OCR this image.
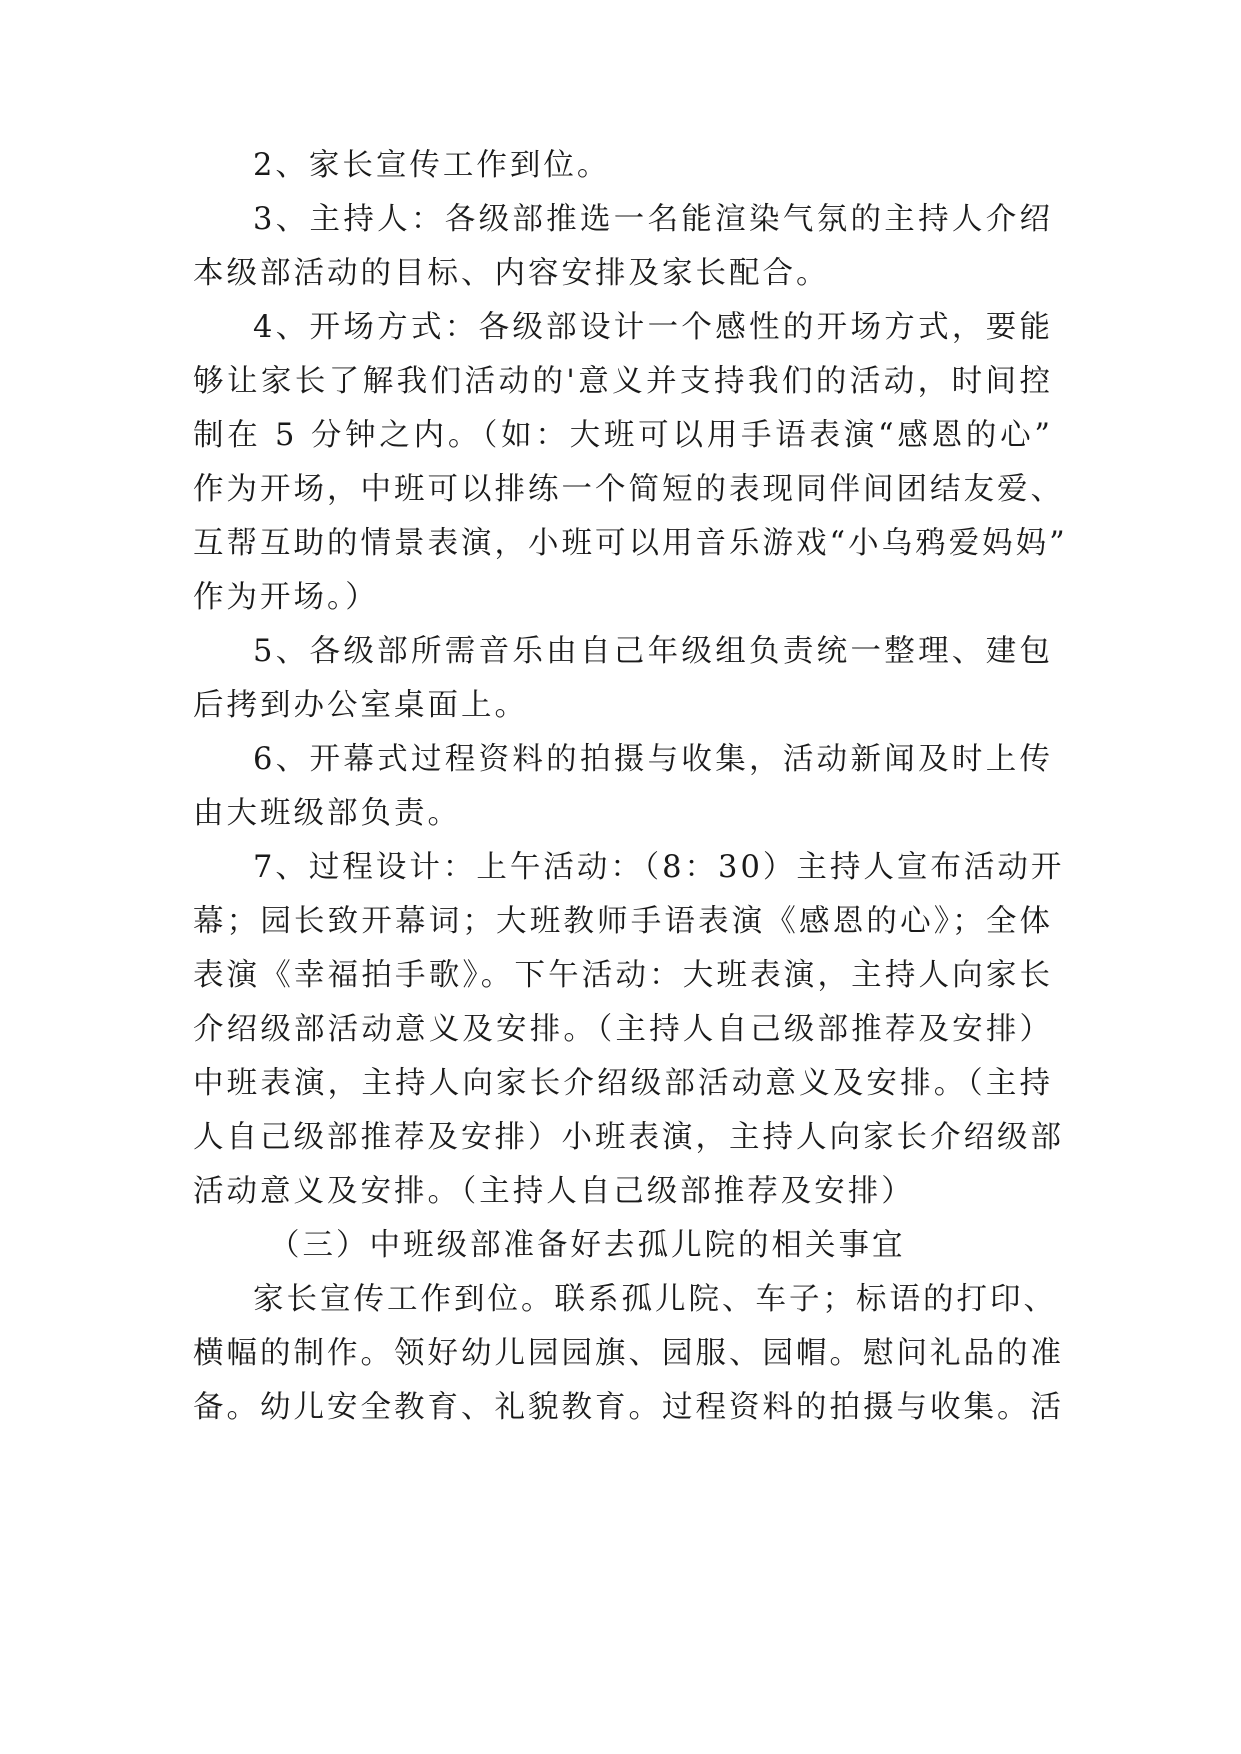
2、家长宣传工作到位。
3、主持人：各级部推选一名能渲染气氛的主持人介绍
本级部活动的目标、内容安排及家长配合。
4、开场方式：各级部设计一个感性的开场方式，要能
够让家长了解我们活动的'意义并支持我们的活动，时间控
制在 5 分钟之内。（如：大班可以用手语表演“感恩的心”
作为开场，中班可以排练一个简短的表现同伴间团结友爱、
互帮互助的情景表演，小班可以用音乐游戏“小乌鸦爱妈妈”
作为开场。）
5、各级部所需音乐由自己年级组负责统一整理、建包
后拷到办公室桌面上。
6、开幕式过程资料的拍摄与收集，活动新闻及时上传
由大班级部负责。
7、过程设计：上午活动：（8：30）主持人宣布活动开
幕；园长致开幕词；大班教师手语表演《感恩的心》；全体
表演《幸福拍手歌》。下午活动：大班表演，主持人向家长
介绍级部活动意义及安排。（主持人自己级部推荐及安排）
中班表演，主持人向家长介绍级部活动意义及安排。（主持
人自己级部推荐及安排）小班表演，主持人向家长介绍级部
活动意义及安排。（主持人自己级部推荐及安排）
（三）中班级部准备好去孤儿院的相关事宜
家长宣传工作到位。联系孤儿院、车子；标语的打印、
横幅的制作。领好幼儿园园旗、园服、园帽。慰问礼品的准
备。幼儿安全教育、礼貌教育。过程资料的拍摄与收集。活
